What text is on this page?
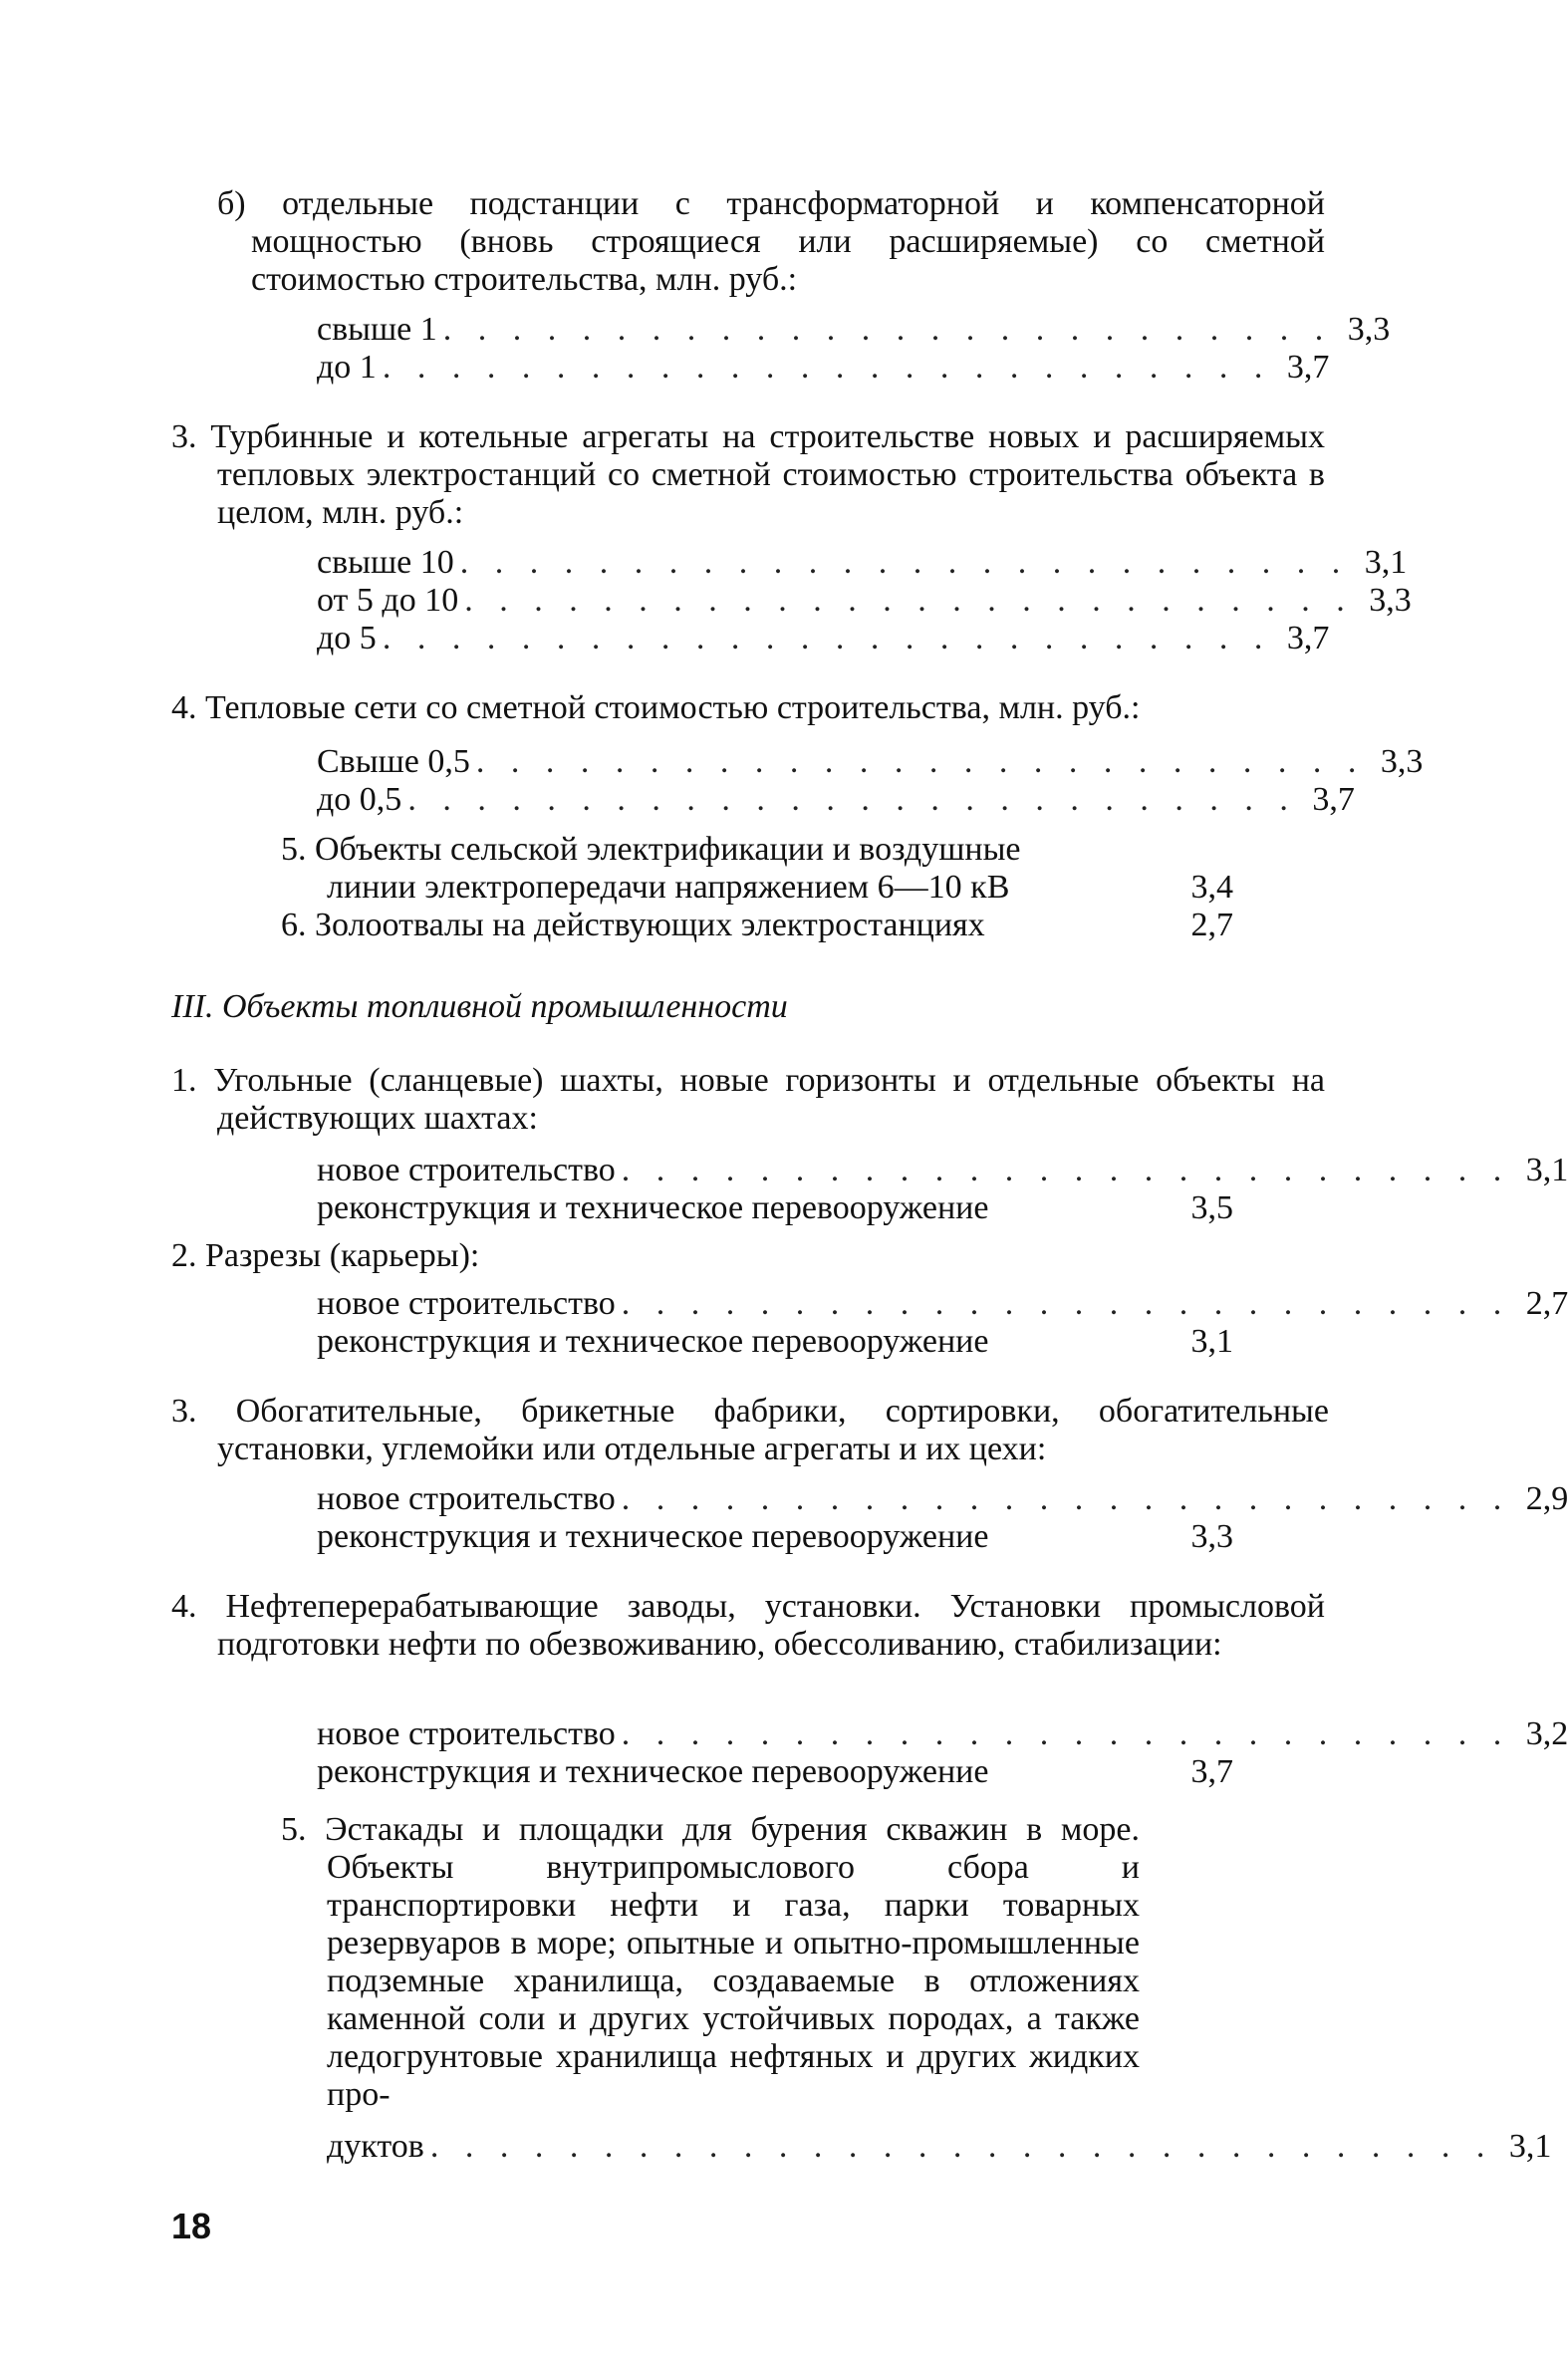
б) отдельные подстанции с трансформаторной и компенсаторной мощностью (вновь строящиеся или расширяемые) со сметной стоимостью строительства, млн. руб.:
свыше 1 . . . . . . . . . . . . . . . . . . . . . . . . . . 3,3
до 1 . . . . . . . . . . . . . . . . . . . . . . . . . . 3,7
3. Турбинные и котельные агрегаты на строительстве новых и расширяемых тепловых электростанций со сметной стоимостью строительства объекта в целом, млн. руб.:
свыше 10 . . . . . . . . . . . . . . . . . . . . . . . . . . 3,1
от 5 до 10 . . . . . . . . . . . . . . . . . . . . . . . . . . 3,3
до 5 . . . . . . . . . . . . . . . . . . . . . . . . . . 3,7
4. Тепловые сети со сметной стоимостью строительства, млн. руб.:
Свыше 0,5 . . . . . . . . . . . . . . . . . . . . . . . . . . 3,3
до 0,5 . . . . . . . . . . . . . . . . . . . . . . . . . . 3,7
5. Объекты сельской электрификации и воздушные
линии электропередачи напряжением 6—10 кВ	3,4
6. Золоотвалы на действующих электростанциях	2,7
III. Объекты топливной промышленности
1. Угольные (сланцевые) шахты, новые горизонты и отдельные объекты на действующих шахтах:
новое строительство . . . . . . . . . . . . . . . . . . . . . . . . . . 3,1
реконструкция и техническое перевооружение	3,5
2. Разрезы (карьеры):
новое строительство . . . . . . . . . . . . . . . . . . . . . . . . . . 2,7
реконструкция и техническое перевооружение	3,1
3. Обогатительные, брикетные фабрики, сортировки, обогатительные установки, углемойки или отдельные агрегаты и их цехи:
новое строительство . . . . . . . . . . . . . . . . . . . . . . . . . . 2,9
реконструкция и техническое перевооружение	3,3
4. Нефтеперерабатывающие заводы, установки. Установки промысловой подготовки нефти по обезвоживанию, обессоливанию, стабилизации:
новое строительство . . . . . . . . . . . . . . . . . . . . . . . . . . 3,2
реконструкция и техническое перевооружение	3,7
5. Эстакады и площадки для бурения скважин в море. Объекты внутрипромыслового сбора и транспортировки нефти и газа, парки товарных резервуаров в море; опытные и опытно-промышленные подземные хранилища, создаваемые в отложениях каменной соли и других устойчивых породах, а также ледогрунтовые хранилища нефтяных и других жидких про-
дуктов . . . . . . . . . . . . . . . . . . . . . . . . . . . . . . . 3,1
18
